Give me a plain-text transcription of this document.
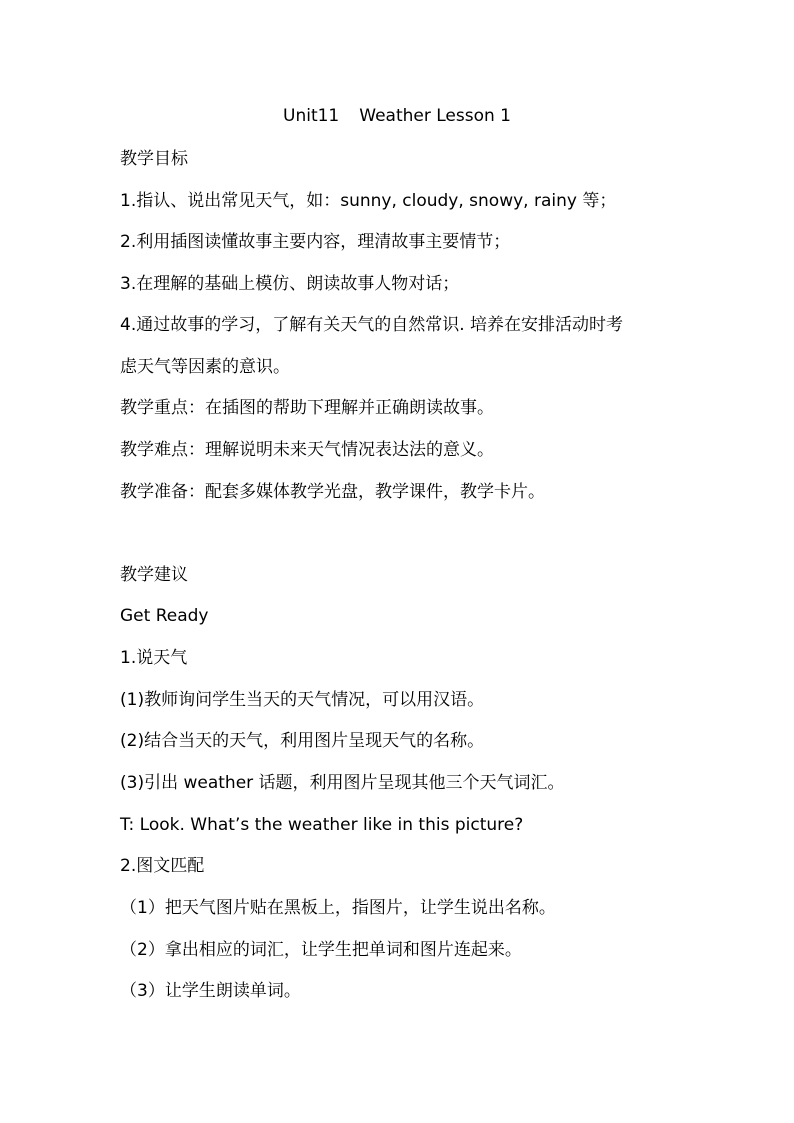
Unit11 Weather Lesson 1
教学目标
1.指认、说出常见天气，如：sunny, cloudy, snowy, rainy 等；
2.利用插图读懂故事主要内容，理清故事主要情节；
3.在理解的基础上模仿、朗读故事人物对话；
4.通过故事的学习，了解有关天气的自然常识. 培养在安排活动时考
虑天气等因素的意识。
教学重点：在插图的帮助下理解并正确朗读故事。
教学难点：理解说明未来天气情况表达法的意义。
教学准备：配套多媒体教学光盘，教学课件，教学卡片。
教学建议
Get Ready
1.说天气
(1)教师询问学生当天的天气情况，可以用汉语。
(2)结合当天的天气，利用图片呈现天气的名称。
(3)引出 weather 话题，利用图片呈现其他三个天气词汇。
T: Look. What’s the weather like in this picture?
2.图文匹配
（1）把天气图片贴在黑板上，指图片，让学生说出名称。
（2）拿出相应的词汇，让学生把单词和图片连起来。
（3）让学生朗读单词。
